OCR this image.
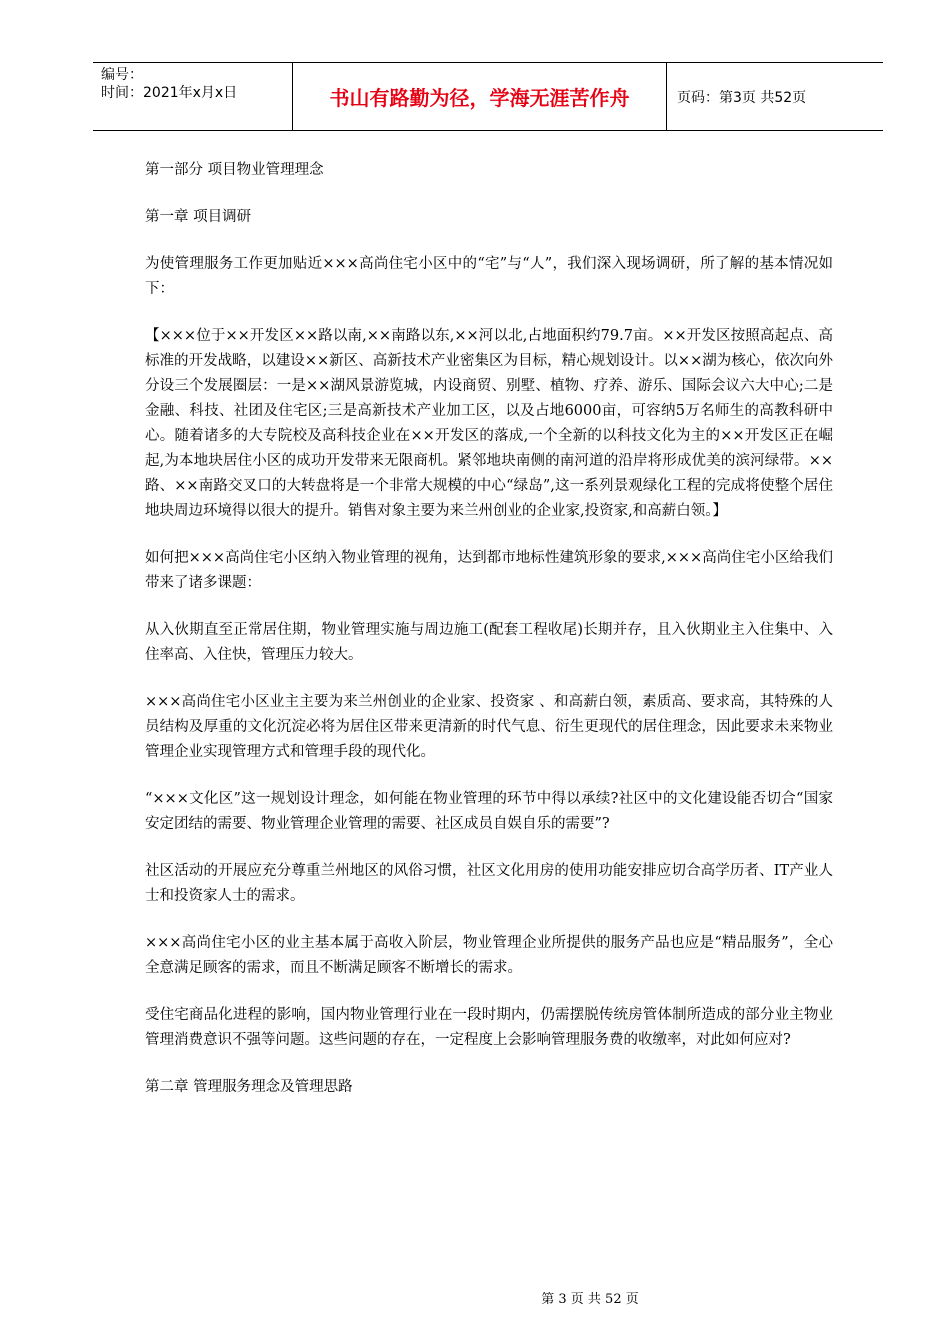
编号：
时间：2021年x月x日	书山有路勤为径，学海无涯苦作舟	页码：第3页 共52页

第一部分 项目物业管理理念

第一章 项目调研

为使管理服务工作更加贴近×××高尚住宅小区中的“宅”与“人”，我们深入现场调研，所了解的基本情况如下：

【×××位于××开发区××路以南,××南路以东,××河以北,占地面积约79.7亩。××开发区按照高起点、高标准的开发战略，以建设××新区、高新技术产业密集区为目标，精心规划设计。以××湖为核心，依次向外分设三个发展圈层：一是××湖风景游览城，内设商贸、别墅、植物、疗养、游乐、国际会议六大中心;二是金融、科技、社团及住宅区;三是高新技术产业加工区，以及占地6000亩，可容纳5万名师生的高教科研中心。随着诸多的大专院校及高科技企业在××开发区的落成,一个全新的以科技文化为主的××开发区正在崛起,为本地块居住小区的成功开发带来无限商机。紧邻地块南侧的南河道的沿岸将形成优美的滨河绿带。××路、××南路交叉口的大转盘将是一个非常大规模的中心“绿岛”,这一系列景观绿化工程的完成将使整个居住地块周边环境得以很大的提升。销售对象主要为来兰州创业的企业家,投资家,和高薪白领。】

如何把×××高尚住宅小区纳入物业管理的视角，达到都市地标性建筑形象的要求,×××高尚住宅小区给我们带来了诸多课题：

从入伙期直至正常居住期，物业管理实施与周边施工(配套工程收尾)长期并存，且入伙期业主入住集中、入住率高、入住快，管理压力较大。

×××高尚住宅小区业主主要为来兰州创业的企业家、投资家 、和高薪白领，素质高、要求高，其特殊的人员结构及厚重的文化沉淀必将为居住区带来更清新的时代气息、衍生更现代的居住理念，因此要求未来物业管理企业实现管理方式和管理手段的现代化。

“×××文化区”这一规划设计理念，如何能在物业管理的环节中得以承续?社区中的文化建设能否切合“国家安定团结的需要、物业管理企业管理的需要、社区成员自娱自乐的需要”?

社区活动的开展应充分尊重兰州地区的风俗习惯，社区文化用房的使用功能安排应切合高学历者、IT产业人士和投资家人士的需求。

×××高尚住宅小区的业主基本属于高收入阶层，物业管理企业所提供的服务产品也应是“精品服务”，全心全意满足顾客的需求，而且不断满足顾客不断增长的需求。

受住宅商品化进程的影响，国内物业管理行业在一段时期内，仍需摆脱传统房管体制所造成的部分业主物业管理消费意识不强等问题。这些问题的存在，一定程度上会影响管理服务费的收缴率，对此如何应对?

第二章 管理服务理念及管理思路

第 3 页 共 52 页
